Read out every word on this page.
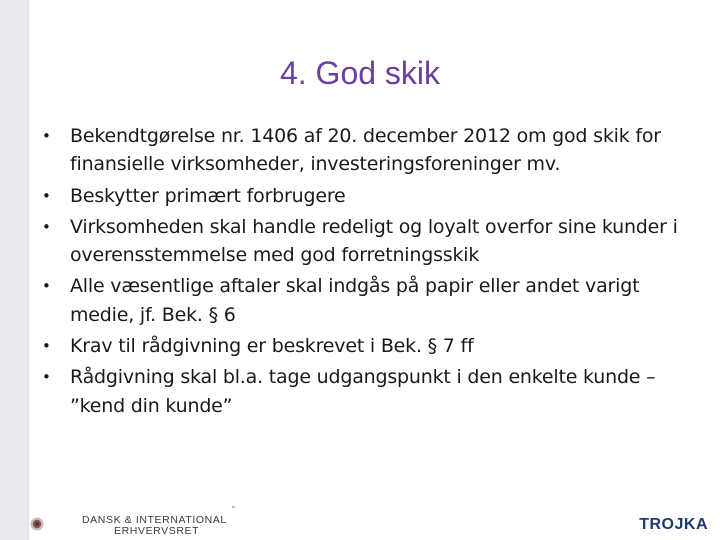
4. God skik
• Bekendtgørelse nr. 1406 af 20. december 2012 om god skik for finansielle virksomheder, investeringsforeninger mv.
• Beskytter primært forbrugere
• Virksomheden skal handle redeligt og loyalt overfor sine kunder i overensstemmelse med god forretningsskik
• Alle væsentlige aftaler skal indgås på papir eller andet varigt medie, jf. Bek. § 6
• Krav til rådgivning er beskrevet i Bek. § 7 ff
• Rådgivning skal bl.a. tage udgangspunkt i den enkelte kunde – ”kend din kunde”
DANSK & INTERNATIONAL
ERHVERVSRET	TROJKA
